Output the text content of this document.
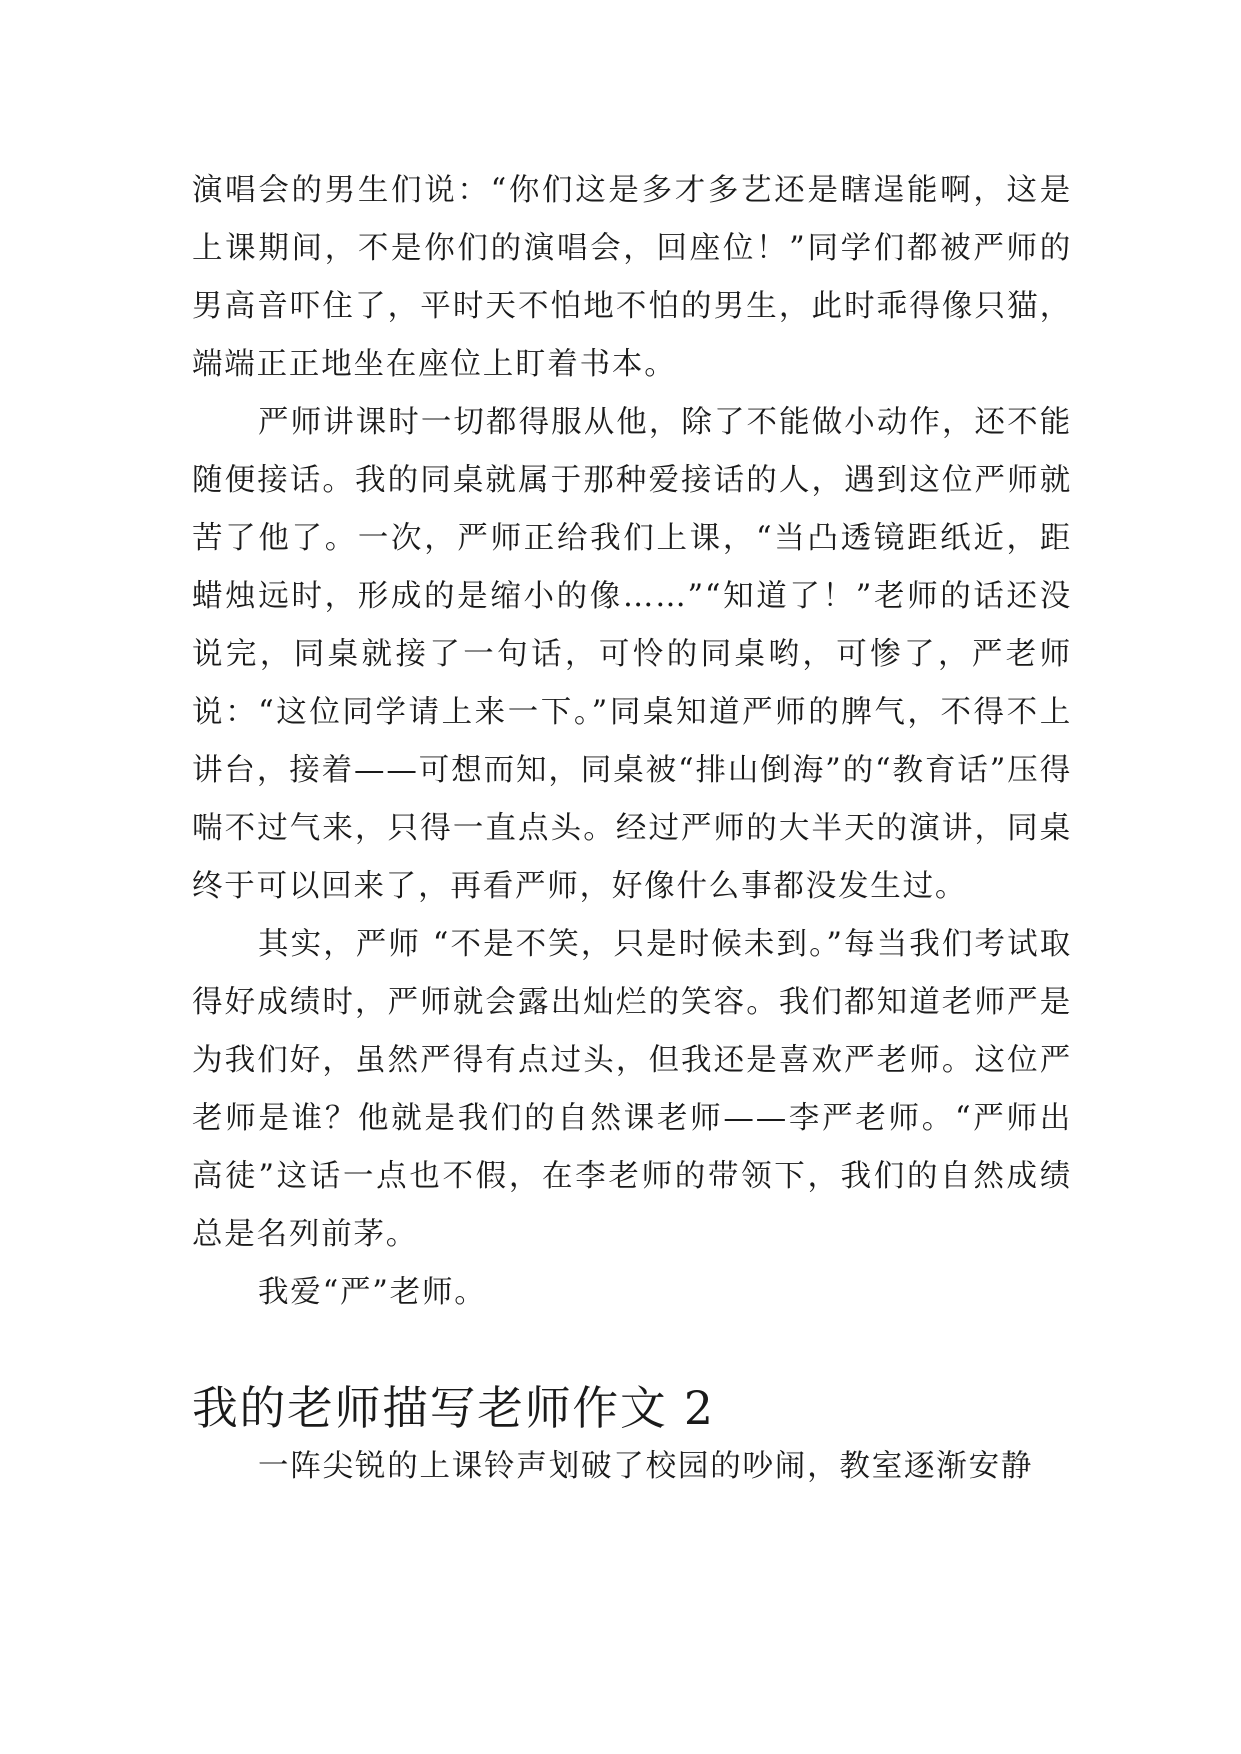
演唱会的男生们说：“你们这是多才多艺还是瞎逞能啊，这是上课期间，不是你们的演唱会，回座位！”同学们都被严师的男高音吓住了，平时天不怕地不怕的男生，此时乖得像只猫，端端正正地坐在座位上盯着书本。

严师讲课时一切都得服从他，除了不能做小动作，还不能随便接话。我的同桌就属于那种爱接话的人，遇到这位严师就苦了他了。一次，严师正给我们上课，“当凸透镜距纸近，距蜡烛远时，形成的是缩小的像……”“知道了！”老师的话还没说完，同桌就接了一句话，可怜的同桌哟，可惨了，严老师说：“这位同学请上来一下。”同桌知道严师的脾气，不得不上讲台，接着——可想而知，同桌被“排山倒海”的“教育话”压得喘不过气来，只得一直点头。经过严师的大半天的演讲，同桌终于可以回来了，再看严师，好像什么事都没发生过。

其实，严师 “不是不笑，只是时候未到。”每当我们考试取得好成绩时，严师就会露出灿烂的笑容。我们都知道老师严是为我们好，虽然严得有点过头，但我还是喜欢严老师。这位严老师是谁？他就是我们的自然课老师——李严老师。“严师出高徒”这话一点也不假，在李老师的带领下，我们的自然成绩总是名列前茅。

我爱“严”老师。

我的老师描写老师作文 2

一阵尖锐的上课铃声划破了校园的吵闹，教室逐渐安静
